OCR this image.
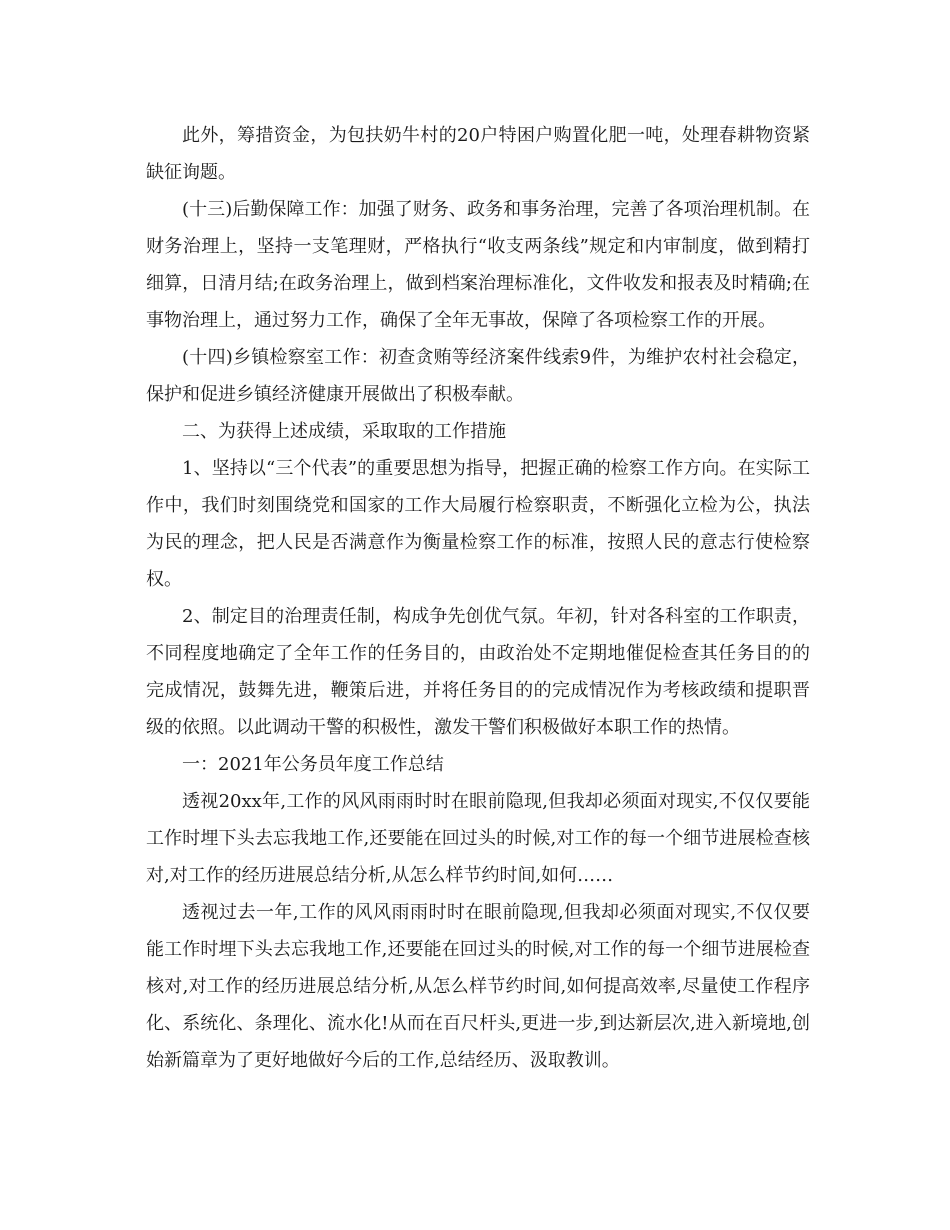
此外，筹措资金，为包扶奶牛村的20户特困户购置化肥一吨，处理春耕物资紧缺征询题。

(十三)后勤保障工作：加强了财务、政务和事务治理，完善了各项治理机制。在财务治理上，坚持一支笔理财，严格执行“收支两条线”规定和内审制度，做到精打细算，日清月结;在政务治理上，做到档案治理标准化，文件收发和报表及时精确;在事物治理上，通过努力工作，确保了全年无事故，保障了各项检察工作的开展。

(十四)乡镇检察室工作：初查贪贿等经济案件线索9件，为维护农村社会稳定，保护和促进乡镇经济健康开展做出了积极奉献。

二、为获得上述成绩，采取取的工作措施

1、坚持以“三个代表”的重要思想为指导，把握正确的检察工作方向。在实际工作中，我们时刻围绕党和国家的工作大局履行检察职责，不断强化立检为公，执法为民的理念，把人民是否满意作为衡量检察工作的标准，按照人民的意志行使检察权。

2、制定目的治理责任制，构成争先创优气氛。年初，针对各科室的工作职责，不同程度地确定了全年工作的任务目的，由政治处不定期地催促检查其任务目的的完成情况，鼓舞先进，鞭策后进，并将任务目的的完成情况作为考核政绩和提职晋级的依照。以此调动干警的积极性，激发干警们积极做好本职工作的热情。

一：2021年公务员年度工作总结

透视20xx年,工作的风风雨雨时时在眼前隐现,但我却必须面对现实,不仅仅要能工作时埋下头去忘我地工作,还要能在回过头的时候,对工作的每一个细节进展检查核对,对工作的经历进展总结分析,从怎么样节约时间,如何……

透视过去一年,工作的风风雨雨时时在眼前隐现,但我却必须面对现实,不仅仅要能工作时埋下头去忘我地工作,还要能在回过头的时候,对工作的每一个细节进展检查核对,对工作的经历进展总结分析,从怎么样节约时间,如何提高效率,尽量使工作程序化、系统化、条理化、流水化!从而在百尺杆头,更进一步,到达新层次,进入新境地,创始新篇章为了更好地做好今后的工作,总结经历、汲取教训。
